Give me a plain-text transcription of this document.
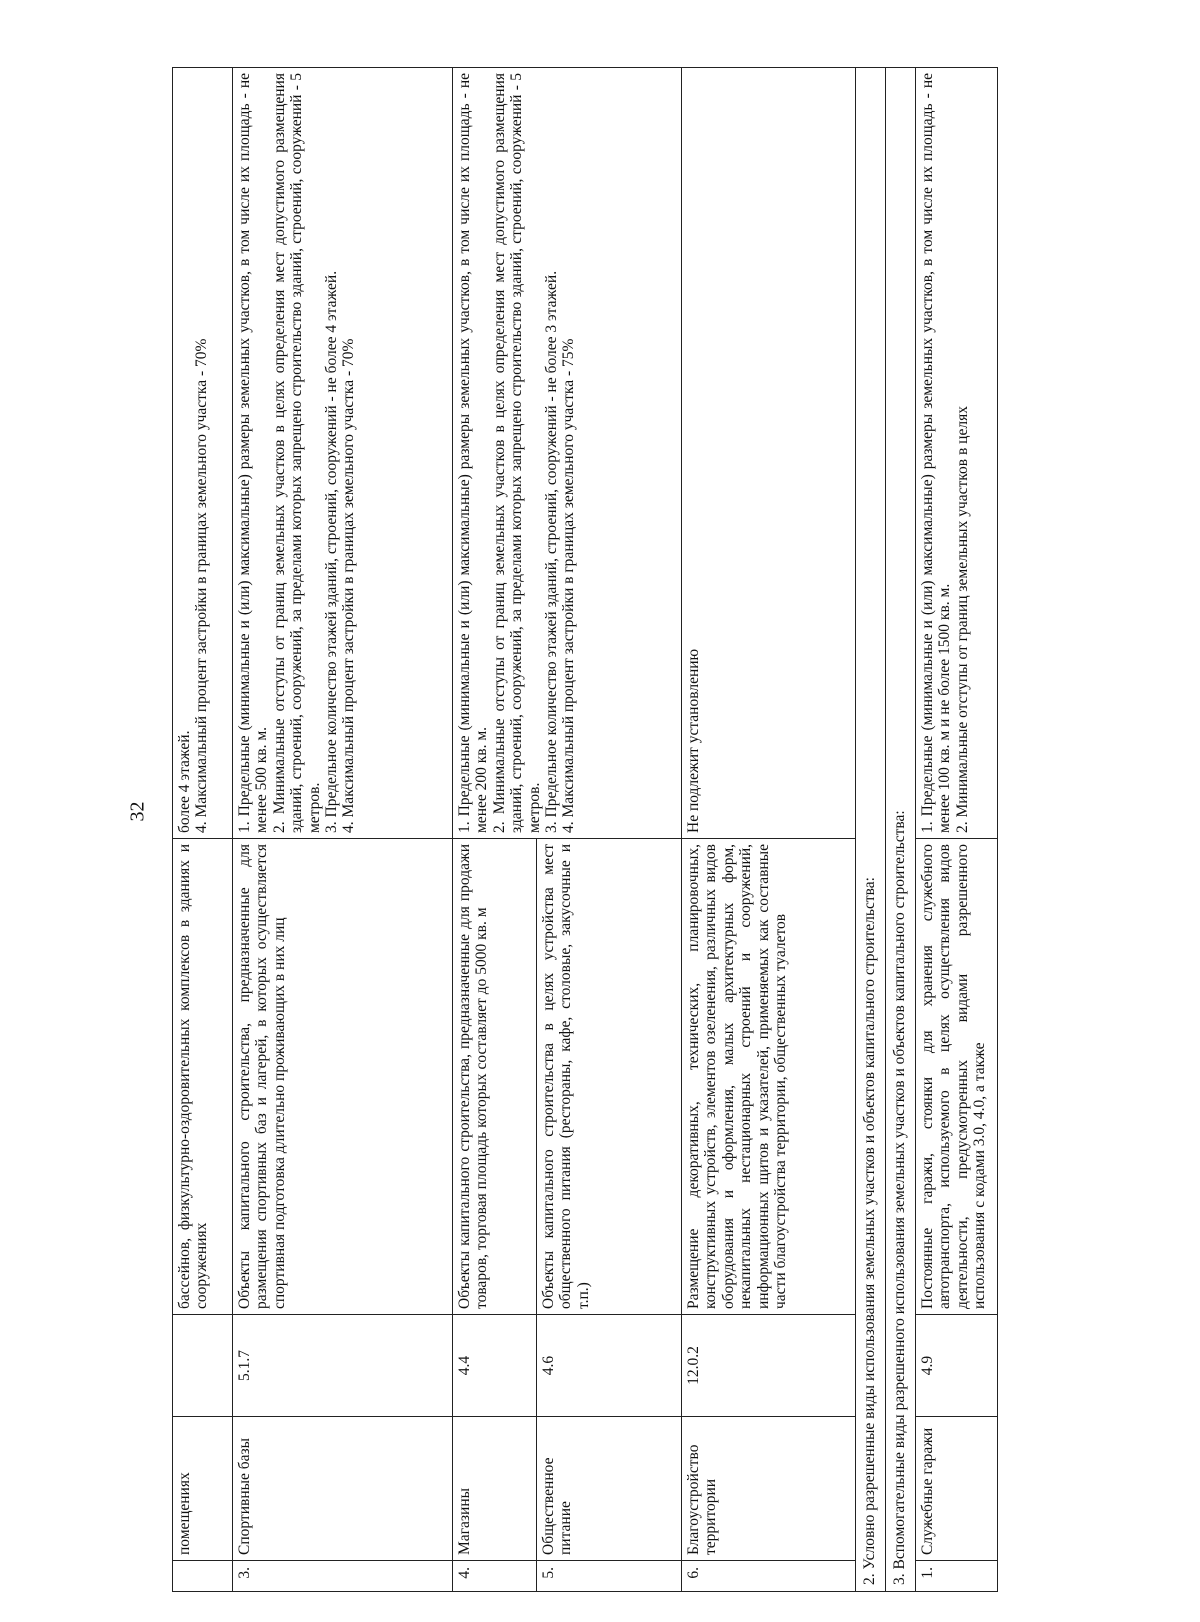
32
	помещениях		бассейнов, физкультурно-оздоровительных комплексов в зданиях и сооружениях	более 4 этажей. 4. Максимальный процент застройки в границах земельного участка - 70%

3.	Спортивные базы	5.1.7	Объекты капитального строительства, предназначенные для размещения спортивных баз и лагерей, в которых осуществляется спортивная подготовка длительно проживающих в них лиц	1. Предельные (минимальные и (или) максимальные) размеры земельных участков, в том числе их площадь - не менее 500 кв. м. 2. Минимальные отступы от границ земельных участков в целях определения мест допустимого размещения зданий, строений, сооружений, за пределами которых запрещено строительство зданий, строений, сооружений - 5 метров. 3. Предельное количество этажей зданий, строений, сооружений - не более 4 этажей. 4. Максимальный процент застройки в границах земельного участка - 70%

4.	Магазины	4.4	Объекты капитального строительства, предназначенные для продажи товаров, торговая площадь которых составляет до 5000 кв. м	1. Предельные (минимальные и (или) максимальные) размеры земельных участков, в том числе их площадь - не менее 200 кв. м. 2. Минимальные отступы от границ земельных участков в целях определения мест допустимого размещения зданий, строений, сооружений, за пределами которых запрещено строительство зданий, строений, сооружений - 5 метров. 3. Предельное количество этажей зданий, строений, сооружений - не более 3 этажей. 4. Максимальный процент застройки в границах земельного участка - 75%

5.	Общественное питание	4.6	Объекты капитального строительства в целях устройства мест общественного питания (рестораны, кафе, столовые, закусочные и т.п.)	
6.	Благоустройство территории	12.0.2	Размещение декоративных, технических, планировочных, конструктивных устройств, элементов озеленения, различных видов оборудования и оформления, малых архитектурных форм, некапитальных нестационарных строений и сооружений, информационных щитов и указателей, применяемых как составные части благоустройства территории, общественных туалетов	Не подлежит установлению

2. Условно разрешенные виды использования земельных участков и объектов капитального строительства:				
3. Вспомогательные виды разрешенного использования земельных участков и объектов капитального строительства:				
1.	Служебные гаражи	4.9	Постоянные гаражи, стоянки для хранения служебного автотранспорта, используемого в целях осуществления видов деятельности, предусмотренных видами разрешенного использования с кодами 3.0, 4.0, а также	1. Предельные (минимальные и (или) максимальные) размеры земельных участков, в том числе их площадь - не менее 100 кв. м и не более 1500 кв. м. 2. Минимальные отступы от границ земельных участков в целях
